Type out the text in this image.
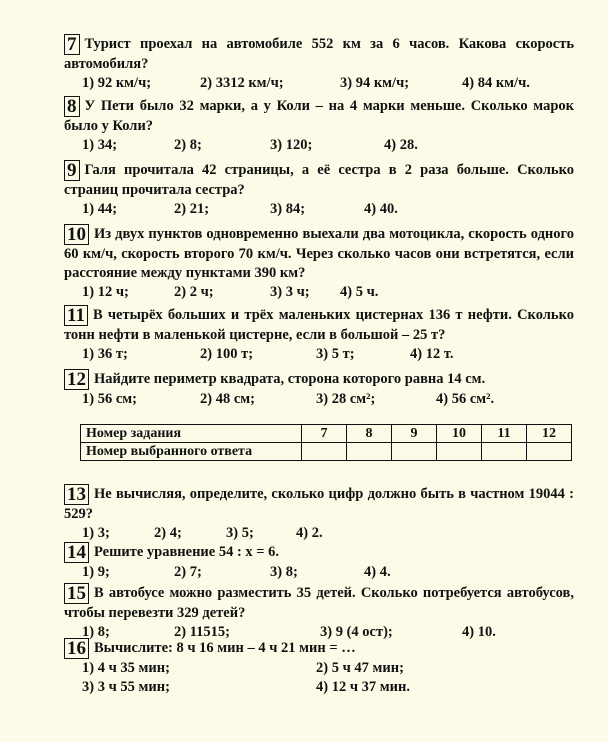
7 Турист проехал на автомобиле 552 км за 6 часов. Какова скорость автомобиля?
1) 92 км/ч;	2) 3312 км/ч;	3) 94 км/ч;	4) 84 км/ч.
8 У Пети было 32 марки, а у Коли – на 4 марки меньше. Сколько марок было у Коли?
1) 34;	2) 8;	3) 120;	4) 28.
9 Галя прочитала 42 страницы, а её сестра в 2 раза больше. Сколько страниц прочитала сестра?
1) 44;	2) 21;	3) 84;	4) 40.
10 Из двух пунктов одновременно выехали два мотоцикла, скорость одного 60 км/ч, скорость второго 70 км/ч. Через сколько часов они встретятся, если расстояние между пунктами 390 км?
1) 12 ч;	2) 2 ч;	3) 3 ч; 4) 5 ч.
11 В четырёх больших и трёх маленьких цистернах 136 т нефти. Сколько тонн нефти в маленькой цистерне, если в большой – 25 т?
1) 36 т;	2) 100 т;	3) 5 т;	4) 12 т.
12 Найдите периметр квадрата, сторона которого равна 14 см.
1) 56 см;	2) 48 см;	3) 28 см²;	4) 56 см².
Номер задания	7	8	9	10	11	12
Номер выбранного ответа						
13 Не вычисляя, определите, сколько цифр должно быть в частном 19044 : 529?
1) 3;	2) 4;	3) 5;	4) 2.
14 Решите уравнение 54 : x = 6.
1) 9;	2) 7;	3) 8;	4) 4.
15 В автобусе можно разместить 35 детей. Сколько потребуется автобусов, чтобы перевезти 329 детей?
1) 8;	2) 11515;	3) 9 (4 ост);	4) 10.
16 Вычислите: 8 ч 16 мин – 4 ч 21 мин = …
1) 4 ч 35 мин;	2) 5 ч 47 мин;
3) 3 ч 55 мин;	4) 12 ч 37 мин.
